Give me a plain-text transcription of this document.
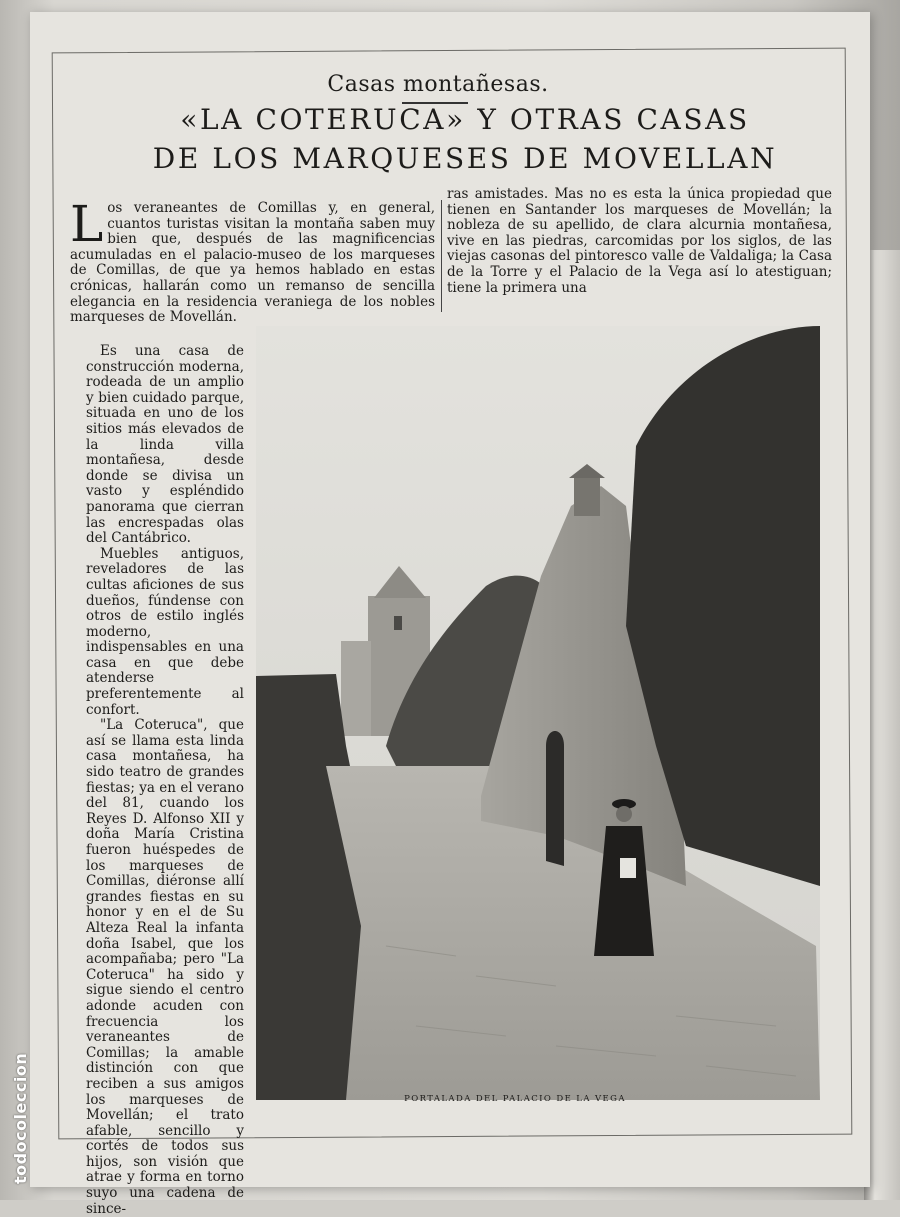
Casas montañesas.
«LA COTERUCA» Y OTRAS CASAS
DE LOS MARQUESES DE MOVELLAN

Los veraneantes de Comillas y, en general, cuantos turistas visitan la montaña saben muy bien que, después de las magnificencias acumuladas en el palacio-museo de los marqueses de Comillas, de que ya hemos hablado en estas crónicas, hallarán como un remanso de sencilla elegancia en la residencia veraniega de los nobles marqueses de Movellán.

ras amistades. Mas no es esta la única propiedad que tienen en Santander los marqueses de Movellán; la nobleza de su apellido, de clara alcurnia montañesa, vive en las piedras, carcomidas por los siglos, de las viejas casonas del pintoresco valle de Valdaliga; la Casa de la Torre y el Palacio de la Vega así lo atestiguan; tiene la primera una

Es una casa de construcción moderna, rodeada de un amplio y bien cuidado parque, situada en uno de los sitios más elevados de la linda villa montañesa, desde donde se divisa un vasto y espléndido panorama que cierran las encrespadas olas del Cantábrico.

Muebles antiguos, reveladores de las cultas aficiones de sus dueños, fúndense con otros de estilo inglés moderno, indispensables en una casa en que debe atenderse preferentemente al confort.

"La Coteruca", que así se llama esta linda casa montañesa, ha sido teatro de grandes fiestas; ya en el verano del 81, cuando los Reyes D. Alfonso XII y doña María Cristina fueron huéspedes de los marqueses de Comillas, diéronse allí grandes fiestas en su honor y en el de Su Alteza Real la infanta doña Isabel, que los acompañaba; pero "La Coteruca" ha sido y sigue siendo el centro adonde acuden con frecuencia los veraneantes de Comillas; la amable distinción con que reciben a sus amigos los marqueses de Movellán; el trato afable, sencillo y cortés de todos sus hijos, son visión que atrae y forma en torno suyo una cadena de since-

PORTALADA DEL PALACIO DE LA VEGA
todocoleccion
